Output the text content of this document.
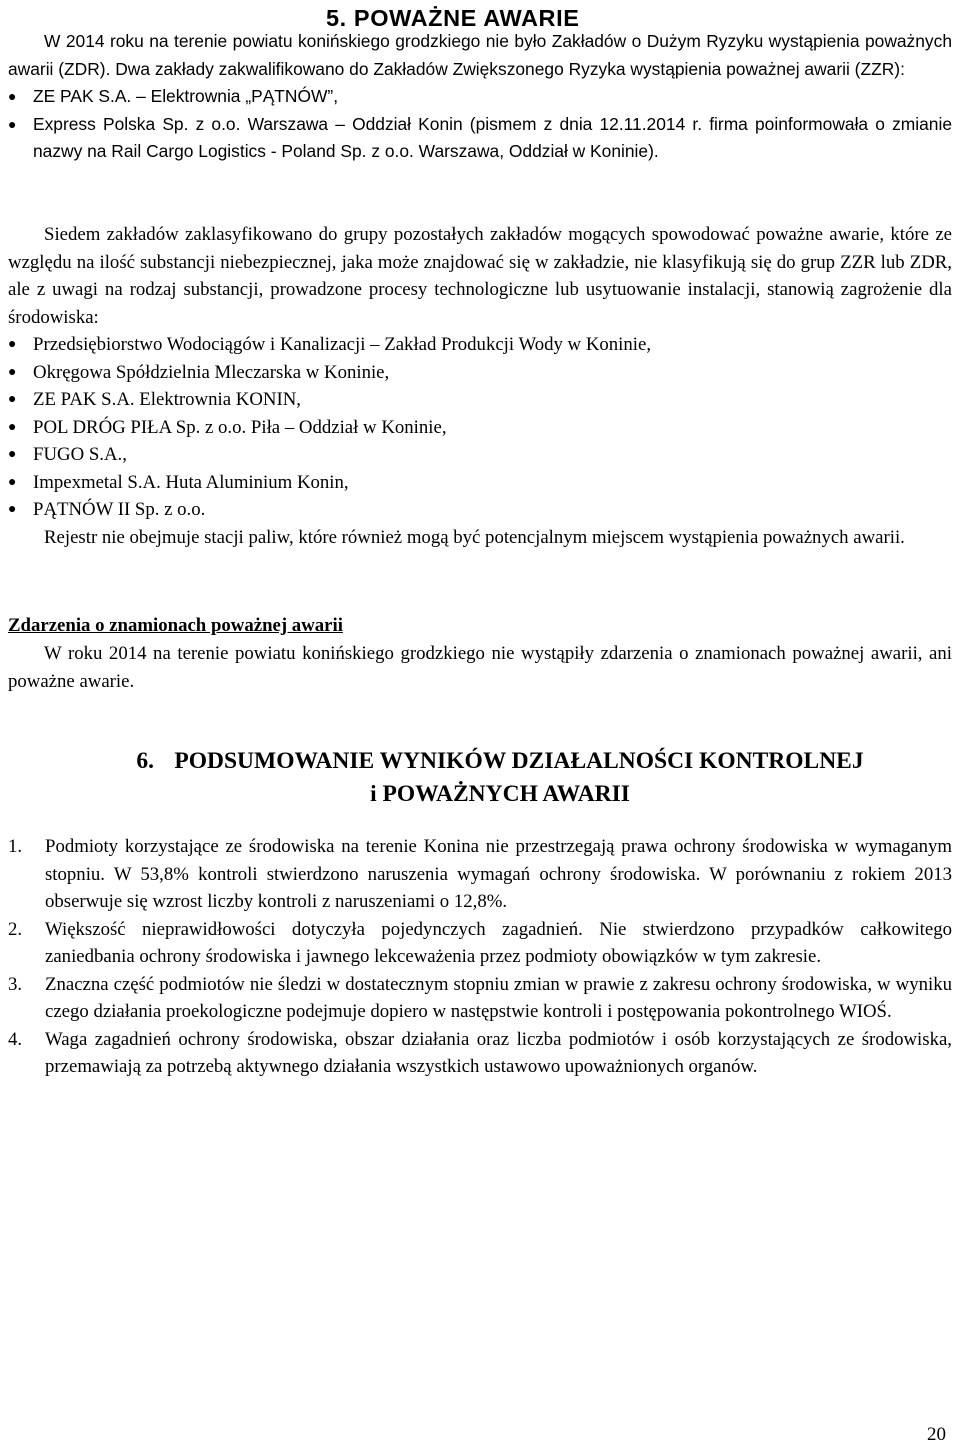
5. POWAŻNE AWARIE

W 2014 roku na terenie powiatu konińskiego grodzkiego nie było Zakładów o Dużym Ryzyku wystąpienia poważnych awarii (ZDR). Dwa zakłady zakwalifikowano do Zakładów Zwiększonego Ryzyka wystąpienia poważnej awarii (ZZR):

● ZE PAK S.A. – Elektrownia „PĄTNÓW”,
● Express Polska Sp. z o.o. Warszawa – Oddział Konin (pismem z dnia 12.11.2014 r. firma poinformowała o zmianie nazwy na Rail Cargo Logistics - Poland Sp. z o.o. Warszawa, Oddział w Koninie).

Siedem zakładów zaklasyfikowano do grupy pozostałych zakładów mogących spowodować poważne awarie, które ze względu na ilość substancji niebezpiecznej, jaka może znajdować się w zakładzie, nie klasyfikują się do grup ZZR lub ZDR, ale z uwagi na rodzaj substancji, prowadzone procesy technologiczne lub usytuowanie instalacji, stanowią zagrożenie dla środowiska:

● Przedsiębiorstwo Wodociągów i Kanalizacji – Zakład Produkcji Wody w Koninie,
● Okręgowa Spółdzielnia Mleczarska w Koninie,
● ZE PAK S.A. Elektrownia KONIN,
● POL DRÓG PIŁA Sp. z o.o. Piła – Oddział w Koninie,
● FUGO S.A.,
● Impexmetal S.A. Huta Aluminium Konin,
● PĄTNÓW II Sp. z o.o.

Rejestr nie obejmuje stacji paliw, które również mogą być potencjalnym miejscem wystąpienia poważnych awarii.

Zdarzenia o znamionach poważnej awarii

W roku 2014 na terenie powiatu konińskiego grodzkiego nie wystąpiły zdarzenia o znamionach poważnej awarii, ani poważne awarie.

6. PODSUMOWANIE WYNIKÓW DZIAŁALNOŚCI KONTROLNEJ
i POWAŻNYCH AWARII
1. Podmioty korzystające ze środowiska na terenie Konina nie przestrzegają prawa ochrony środowiska w wymaganym stopniu. W 53,8% kontroli stwierdzono naruszenia wymagań ochrony środowiska. W porównaniu z rokiem 2013 obserwuje się wzrost liczby kontroli z naruszeniami o 12,8%.
2. Większość nieprawidłowości dotyczyła pojedynczych zagadnień. Nie stwierdzono przypadków całkowitego zaniedbania ochrony środowiska i jawnego lekceważenia przez podmioty obowiązków w tym zakresie.
3. Znaczna część podmiotów nie śledzi w dostatecznym stopniu zmian w prawie z zakresu ochrony środowiska, w wyniku czego działania proekologiczne podejmuje dopiero w następstwie kontroli i postępowania pokontrolnego WIOŚ.
4. Waga zagadnień ochrony środowiska, obszar działania oraz liczba podmiotów i osób korzystających ze środowiska, przemawiają za potrzebą aktywnego działania wszystkich ustawowo upoważnionych organów.
20
